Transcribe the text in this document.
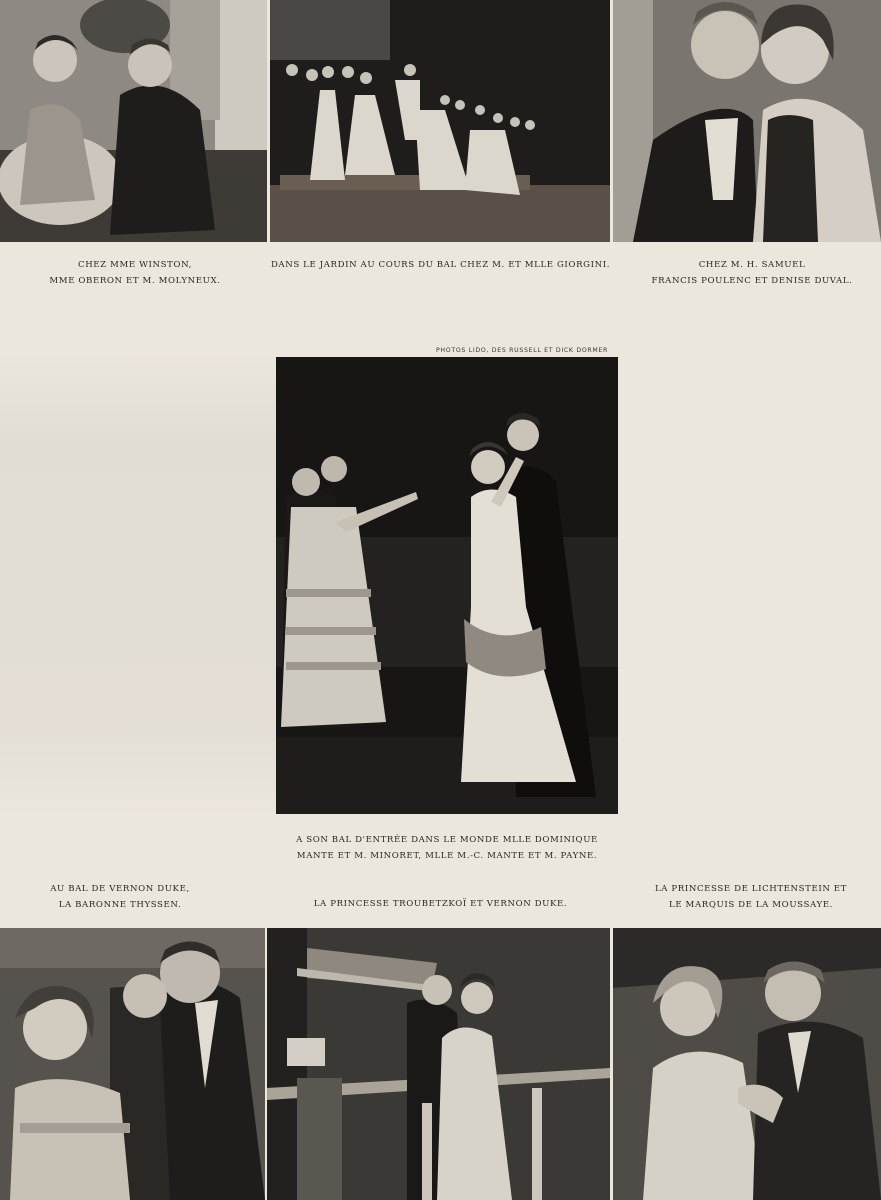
CHEZ MME WINSTON,
MME OBERON ET M. MOLYNEUX.
DANS LE JARDIN AU COURS DU BAL CHEZ M. ET MLLE GIORGINI.	CHEZ M. H. SAMUEL
FRANCIS POULENC ET DENISE DUVAL.
PHOTOS LIDO, DES RUSSELL ET DICK DORMER
A SON BAL D'ENTRÉE DANS LE MONDE MLLE DOMINIQUE
MANTE ET M. MINORET, MLLE M.-C. MANTE ET M. PAYNE.
AU BAL DE VERNON DUKE,
LA BARONNE THYSSEN.	LA PRINCESSE TROUBETZKOÏ ET VERNON DUKE.
LA PRINCESSE DE LICHTENSTEIN ET
LE MARQUIS DE LA MOUSSAYE.
